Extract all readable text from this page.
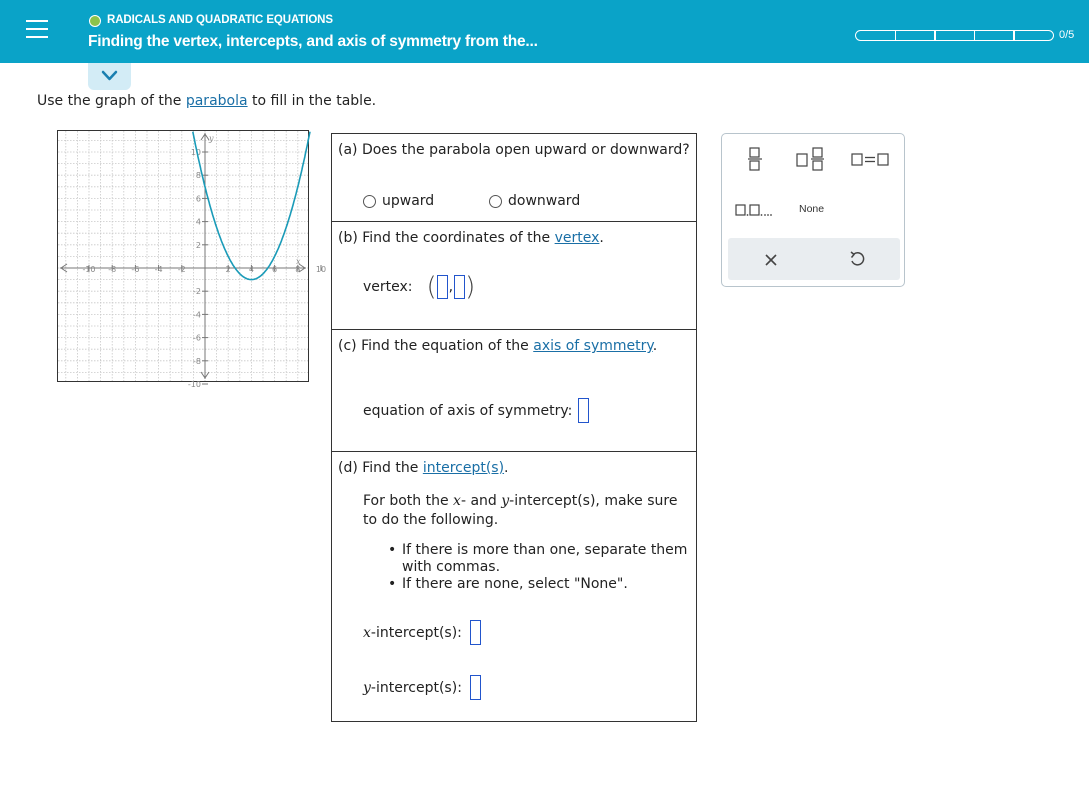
RADICALS AND QUADRATIC EQUATIONS
Finding the vertex, intercepts, and axis of symmetry from the...	0/5
Use the graph of the parabola to fill in the table.
-10 -8 -6 -4 -2	2 4 6 8 10
10
8
6
4
2
-2
-4
-6
-8
-10
x
y
(a) Does the parabola open upward or downward?
upward	downward
(b) Find the coordinates of the vertex.
vertex: ( , )
(c) Find the equation of the axis of symmetry.
equation of axis of symmetry:
(d) Find the intercept(s).
For both the x- and y-intercept(s), make sure
to do the following.
• If there is more than one, separate them with commas.
• If there are none, select "None".
x -intercept(s):
y -intercept(s):
None
